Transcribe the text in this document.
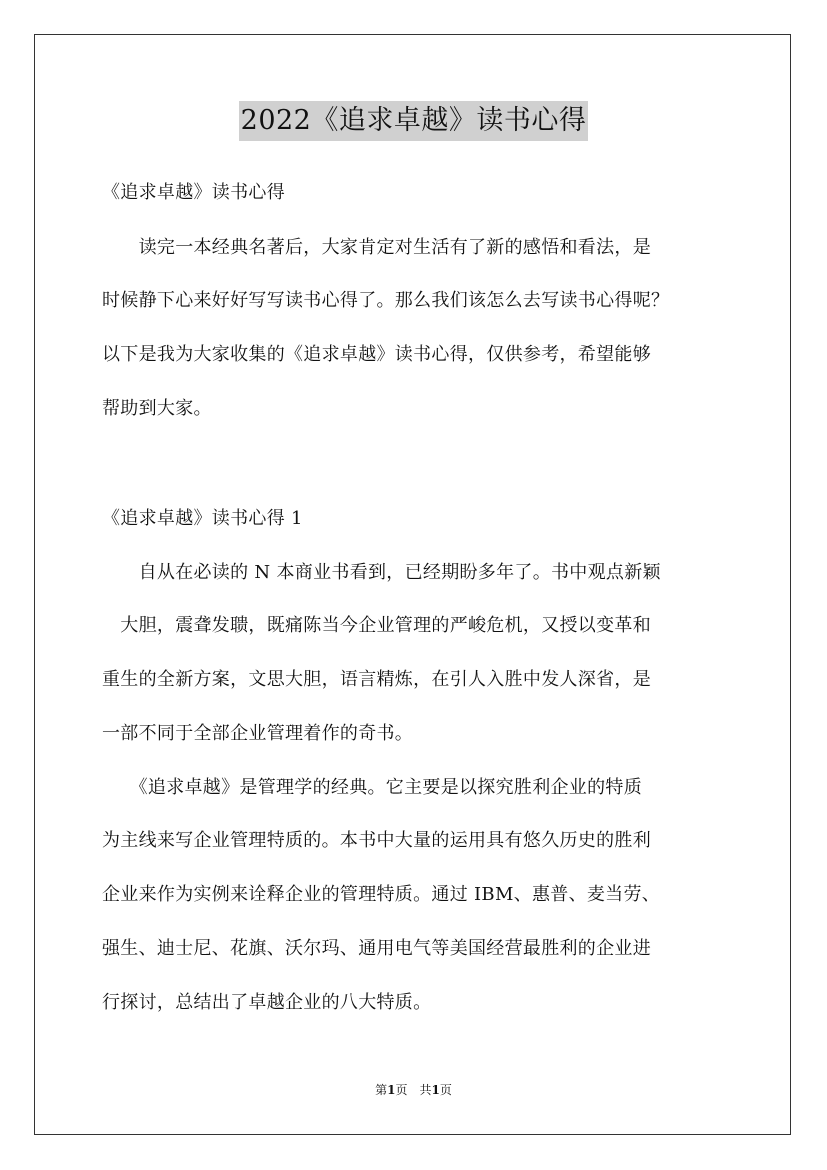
2022《追求卓越》读书心得
《追求卓越》读书心得
　　读完一本经典名著后，大家肯定对生活有了新的感悟和看法，是
时候静下心来好好写写读书心得了。那么我们该怎么去写读书心得呢？
以下是我为大家收集的《追求卓越》读书心得，仅供参考，希望能够
帮助到大家。
《追求卓越》读书心得 1
　　自从在必读的 N 本商业书看到，已经期盼多年了。书中观点新颖
　大胆，震聋发聩，既痛陈当今企业管理的严峻危机，又授以变革和
重生的全新方案，文思大胆，语言精炼，在引人入胜中发人深省，是
一部不同于全部企业管理着作的奇书。
　　《追求卓越》是管理学的经典。它主要是以探究胜利企业的特质
为主线来写企业管理特质的。本书中大量的运用具有悠久历史的胜利
企业来作为实例来诠释企业的管理特质。通过 IBM、惠普、麦当劳、
强生、迪士尼、花旗、沃尔玛、通用电气等美国经营最胜利的企业进
行探讨，总结出了卓越企业的八大特质。
第1页　共1页
